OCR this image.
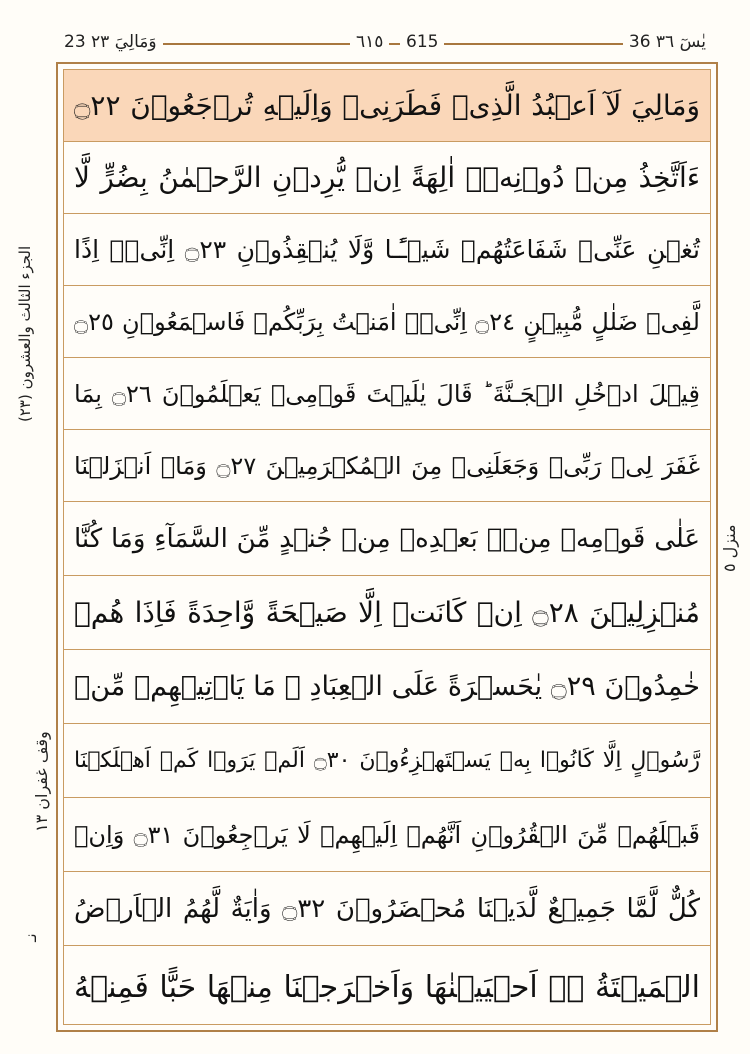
23 وَمَالِيَ ٢٣	٦١٥	615	36 يٰسٓ ٣٦
الجزء الثالث والعشرون (٢٣)
وقف غفران ١٣
نـ
منزل ٥
وَمَالِيَ لَآ اَعۡبُدُ الَّذِىۡ فَطَرَنِىۡ وَاِلَيۡهِ تُرۡجَعُوۡنَ ۝٢٢
ءَاَتَّخِذُ مِنۡ دُوۡنِهٖۤ اٰلِهَةً اِنۡ يُّرِدۡنِ الرَّحۡمٰنُ بِضُرٍّ لَّا
تُغۡنِ عَنِّىۡ شَفَاعَتُهُمۡ شَيۡـًٔـا وَّلَا يُنۡقِذُوۡنِ ۝٢٣ اِنِّىۡۤ اِذًا
لَّفِىۡ ضَلٰلٍ مُّبِيۡنٍ ۝٢٤ اِنِّىۡۤ اٰمَنۡتُ بِرَبِّكُمۡ فَاسۡمَعُوۡنِ ۝٢٥
قِيۡلَ ادۡخُلِ الۡجَـنَّةَ‌ ؕ قَالَ يٰلَيۡتَ قَوۡمِىۡ يَعۡلَمُوۡنَ ۝٢٦ بِمَا
غَفَرَ لِىۡ رَبِّىۡ وَجَعَلَنِىۡ مِنَ الۡمُكۡرَمِيۡنَ ۝٢٧ وَمَاۤ اَنۡزَلۡنَا
عَلٰى قَوۡمِهٖ مِنۡۢ بَعۡدِهٖ مِنۡ جُنۡدٍ مِّنَ السَّمَآءِ وَمَا كُنَّا
مُنۡزِلِيۡنَ ۝٢٨ اِنۡ كَانَتۡ اِلَّا صَيۡحَةً وَّاحِدَةً فَاِذَا هُمۡ
خٰمِدُوۡنَ ۝٢٩ يٰحَسۡرَةً عَلَى الۡعِبَادِ‌ ۚ مَا يَاۡتِيۡهِمۡ مِّنۡ
رَّسُوۡلٍ اِلَّا كَانُوۡا بِهٖ يَسۡتَهۡزِءُوۡنَ ۝٣٠ اَلَمۡ يَرَوۡا كَمۡ اَهۡلَكۡنَا
قَبۡلَهُمۡ مِّنَ الۡقُرُوۡنِ اَنَّهُمۡ اِلَيۡهِمۡ لَا يَرۡجِعُوۡنَ ۝٣١ وَاِنۡ
كُلٌّ لَّمَّا جَمِيۡعٌ لَّدَيۡنَا مُحۡضَرُوۡنَ ۝٣٢ وَاٰيَةٌ لَّهُمُ الۡاَرۡضُ
الۡمَيۡتَةُ ۖۚ اَحۡيَيۡنٰهَا وَاَخۡرَجۡنَا مِنۡهَا حَبًّا فَمِنۡهُ
